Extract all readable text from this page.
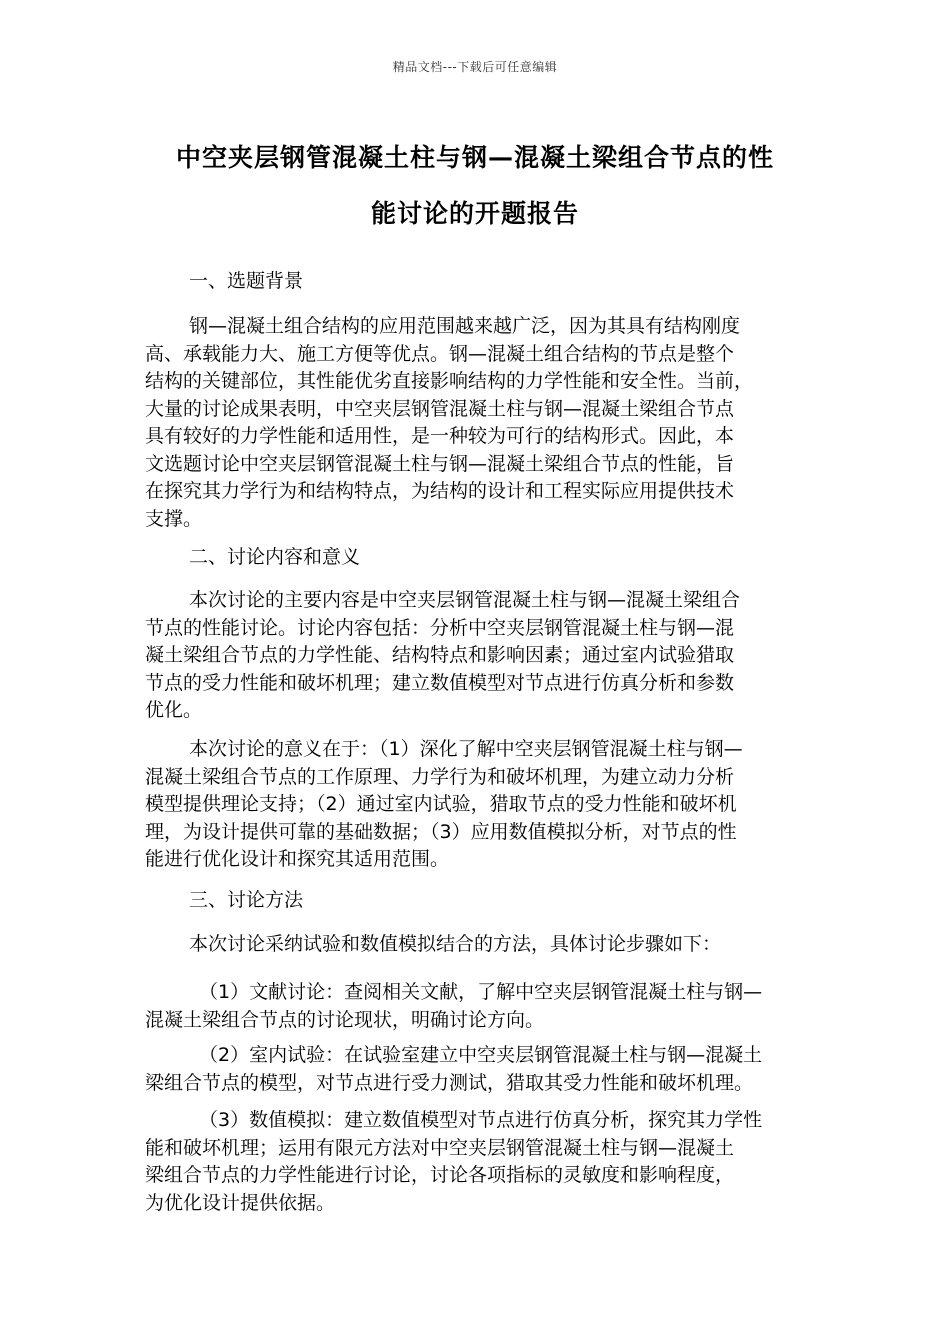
精品文档---下载后可任意编辑
中空夹层钢管混凝土柱与钢—混凝土梁组合节点的性
能讨论的开题报告
一、选题背景
钢—混凝土组合结构的应用范围越来越广泛，因为其具有结构刚度
高、承载能力大、施工方便等优点。钢—混凝土组合结构的节点是整个
结构的关键部位，其性能优劣直接影响结构的力学性能和安全性。当前，
大量的讨论成果表明，中空夹层钢管混凝土柱与钢—混凝土梁组合节点
具有较好的力学性能和适用性，是一种较为可行的结构形式。因此，本
文选题讨论中空夹层钢管混凝土柱与钢—混凝土梁组合节点的性能，旨
在探究其力学行为和结构特点，为结构的设计和工程实际应用提供技术
支撑。
二、讨论内容和意义
本次讨论的主要内容是中空夹层钢管混凝土柱与钢—混凝土梁组合
节点的性能讨论。讨论内容包括：分析中空夹层钢管混凝土柱与钢—混
凝土梁组合节点的力学性能、结构特点和影响因素；通过室内试验猎取
节点的受力性能和破坏机理；建立数值模型对节点进行仿真分析和参数
优化。
本次讨论的意义在于：（1）深化了解中空夹层钢管混凝土柱与钢—
混凝土梁组合节点的工作原理、力学行为和破坏机理，为建立动力分析
模型提供理论支持；（2）通过室内试验，猎取节点的受力性能和破坏机
理，为设计提供可靠的基础数据；（3）应用数值模拟分析，对节点的性
能进行优化设计和探究其适用范围。
三、讨论方法
本次讨论采纳试验和数值模拟结合的方法，具体讨论步骤如下：
（1）文献讨论：查阅相关文献，了解中空夹层钢管混凝土柱与钢—
混凝土梁组合节点的讨论现状，明确讨论方向。
（2）室内试验：在试验室建立中空夹层钢管混凝土柱与钢—混凝土
梁组合节点的模型，对节点进行受力测试，猎取其受力性能和破坏机理。
（3）数值模拟：建立数值模型对节点进行仿真分析，探究其力学性
能和破坏机理；运用有限元方法对中空夹层钢管混凝土柱与钢—混凝土
梁组合节点的力学性能进行讨论，讨论各项指标的灵敏度和影响程度，
为优化设计提供依据。
